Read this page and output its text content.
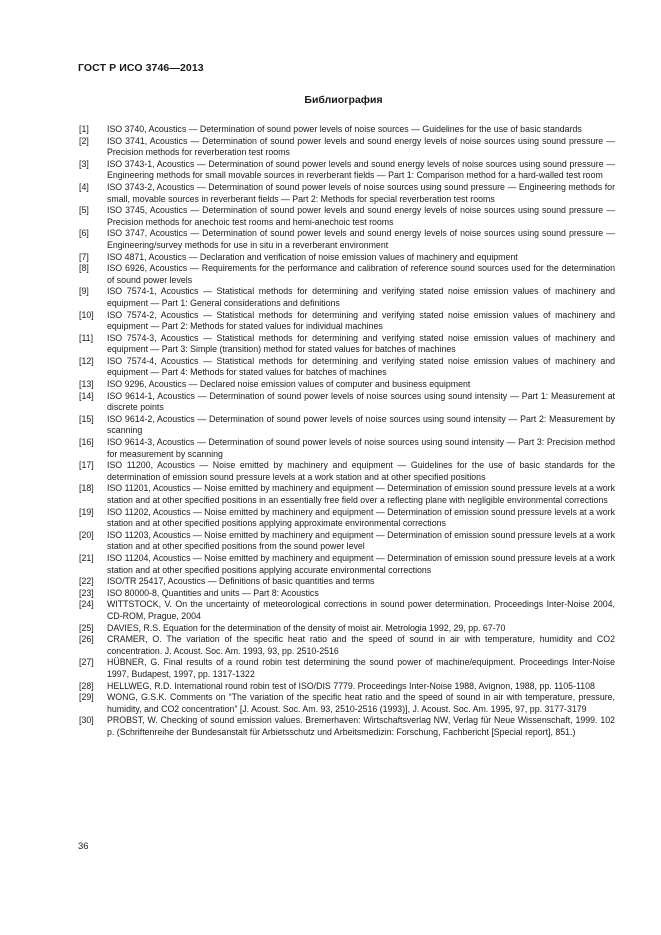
ГОСТ Р ИСО 3746—2013
Библиография
[1]	ISO 3740, Acoustics — Determination of sound power levels of noise sources — Guidelines for the use of basic standards
[2]	ISO 3741, Acoustics — Determination of sound power levels and sound energy levels of noise sources using sound pressure — Precision methods for reverberation test rooms
[3]	ISO 3743-1, Acoustics — Determination of sound power levels and sound energy levels of noise sources using sound pressure — Engineering methods for small movable sources in reverberant fields — Part 1: Comparison method for a hard-walled test room
[4]	ISO 3743-2, Acoustics — Determination of sound power levels of noise sources using sound pressure — Engineering methods for small, movable sources in reverberant fields — Part 2: Methods for special reverberation test rooms
[5]	ISO 3745, Acoustics — Determination of sound power levels and sound energy levels of noise sources using sound pressure — Precision methods for anechoic test rooms and hemi-anechoic test rooms
[6]	ISO 3747, Acoustics — Determination of sound power levels and sound energy levels of noise sources using sound pressure — Engineering/survey methods for use in situ in a reverberant environment
[7]	ISO 4871, Acoustics — Declaration and verification of noise emission values of machinery and equipment
[8]	ISO 6926, Acoustics — Requirements for the performance and calibration of reference sound sources used for the determination of sound power levels
[9]	ISO 7574-1, Acoustics — Statistical methods for determining and verifying stated noise emission values of machinery and equipment — Part 1: General considerations and definitions
[10]	ISO 7574-2, Acoustics — Statistical methods for determining and verifying stated noise emission values of machinery and equipment — Part 2: Methods for stated values for individual machines
[11]	ISO 7574-3, Acoustics — Statistical methods for determining and verifying stated noise emission values of machinery and equipment — Part 3: Simple (transition) method for stated values for batches of machines
[12]	ISO 7574-4, Acoustics — Statistical methods for determining and verifying stated noise emission values of machinery and equipment — Part 4: Methods for stated values for batches of machines
[13]	ISO 9296, Acoustics — Declared noise emission values of computer and business equipment
[14]	ISO 9614-1, Acoustics — Determination of sound power levels of noise sources using sound intensity — Part 1: Measurement at discrete points
[15]	ISO 9614-2, Acoustics — Determination of sound power levels of noise sources using sound intensity — Part 2: Measurement by scanning
[16]	ISO 9614-3, Acoustics — Determination of sound power levels of noise sources using sound intensity — Part 3: Precision method for measurement by scanning
[17]	ISO 11200, Acoustics — Noise emitted by machinery and equipment — Guidelines for the use of basic standards for the determination of emission sound pressure levels at a work station and at other specified positions
[18]	ISO 11201, Acoustics — Noise emitted by machinery and equipment — Determination of emission sound pressure levels at a work station and at other specified positions in an essentially free field over a reflecting plane with negligible environmental corrections
[19]	ISO 11202, Acoustics — Noise emitted by machinery and equipment — Determination of emission sound pressure levels at a work station and at other specified positions applying approximate environmental corrections
[20]	ISO 11203, Acoustics — Noise emitted by machinery and equipment — Determination of emission sound pressure levels at a work station and at other specified positions from the sound power level
[21]	ISO 11204, Acoustics — Noise emitted by machinery and equipment — Determination of emission sound pressure levels at a work station and at other specified positions applying accurate environmental corrections
[22]	ISO/TR 25417, Acoustics — Definitions of basic quantities and terms
[23]	ISO 80000-8, Quantities and units — Part 8: Acoustics
[24]	WITTSTOCK, V. On the uncertainty of meteorological corrections in sound power determination. Proceedings Inter-Noise 2004, CD-ROM, Prague, 2004
[25]	DAVIES, R.S. Equation for the determination of the density of moist air. Metrologia 1992, 29, pp. 67-70
[26]	CRAMER, O. The variation of the specific heat ratio and the speed of sound in air with temperature, humidity and CO2 concentration. J. Acoust. Soc. Am. 1993, 93, pp. 2510-2516
[27]	HÜBNER, G. Final results of a round robin test determining the sound power of machine/equipment. Proceedings Inter-Noise 1997, Budapest, 1997, pp. 1317-1322
[28]	HELLWEG, R.D. International round robin test of ISO/DIS 7779. Proceedings Inter-Noise 1988, Avignon, 1988, pp. 1105-1108
[29]	WONG, G.S.K. Comments on “The variation of the specific heat ratio and the speed of sound in air with temperature, pressure, humidity, and CO2 concentration” [J. Acoust. Soc. Am. 93, 2510-2516 (1993)], J. Acoust. Soc. Am. 1995, 97, pp. 3177-3179
[30]	PROBST, W. Checking of sound emission values. Bremerhaven: Wirtschaftsverlag NW, Verlag für Neue Wissenschaft, 1999. 102 p. (Schriftenreihe der Bundesanstalt für Arbietsschutz und Arbeitsmedizin: Forschung, Fachbericht [Special report], 851.)
36
